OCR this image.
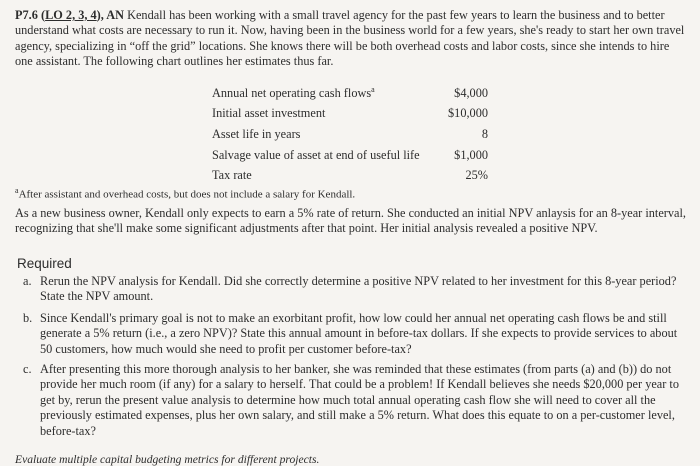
P7.6 (LO 2, 3, 4), AN Kendall has been working with a small travel agency for the past few years to learn the business and to better understand what costs are necessary to run it. Now, having been in the business world for a few years, she's ready to start her own travel agency, specializing in “off the grid” locations. She knows there will be both overhead costs and labor costs, since she intends to hire one assistant. The following chart outlines her estimates thus far.

Annual net operating cash flows$^a$	$4,000
Initial asset investment	$10,000
Asset life in years	8
Salvage value of asset at end of useful life	$1,000
Tax rate	25%
$^a$After assistant and overhead costs, but does not include a salary for Kendall.

As a new business owner, Kendall only expects to earn a 5% rate of return. She conducted an initial NPV anlaysis for an 8-year interval, recognizing that she'll make some significant adjustments after that point. Her initial analysis revealed a positive NPV.

Required
a. Rerun the NPV analysis for Kendall. Did she correctly determine a positive NPV related to her investment for this 8-year period? State the NPV amount.
b. Since Kendall's primary goal is not to make an exorbitant profit, how low could her annual net operating cash flows be and still generate a 5% return (i.e., a zero NPV)? State this annual amount in before-tax dollars. If she expects to provide services to about 50 customers, how much would she need to profit per customer before-tax?
c. After presenting this more thorough analysis to her banker, she was reminded that these estimates (from parts (a) and (b)) do not provide her much room (if any) for a salary to herself. That could be a problem! If Kendall believes she needs $20,000 per year to get by, rerun the present value analysis to determine how much total annual operating cash flow she will need to cover all the previously estimated expenses, plus her own salary, and still make a 5% return. What does this equate to on a per-customer level, before-tax?
Evaluate multiple capital budgeting metrics for different projects.
